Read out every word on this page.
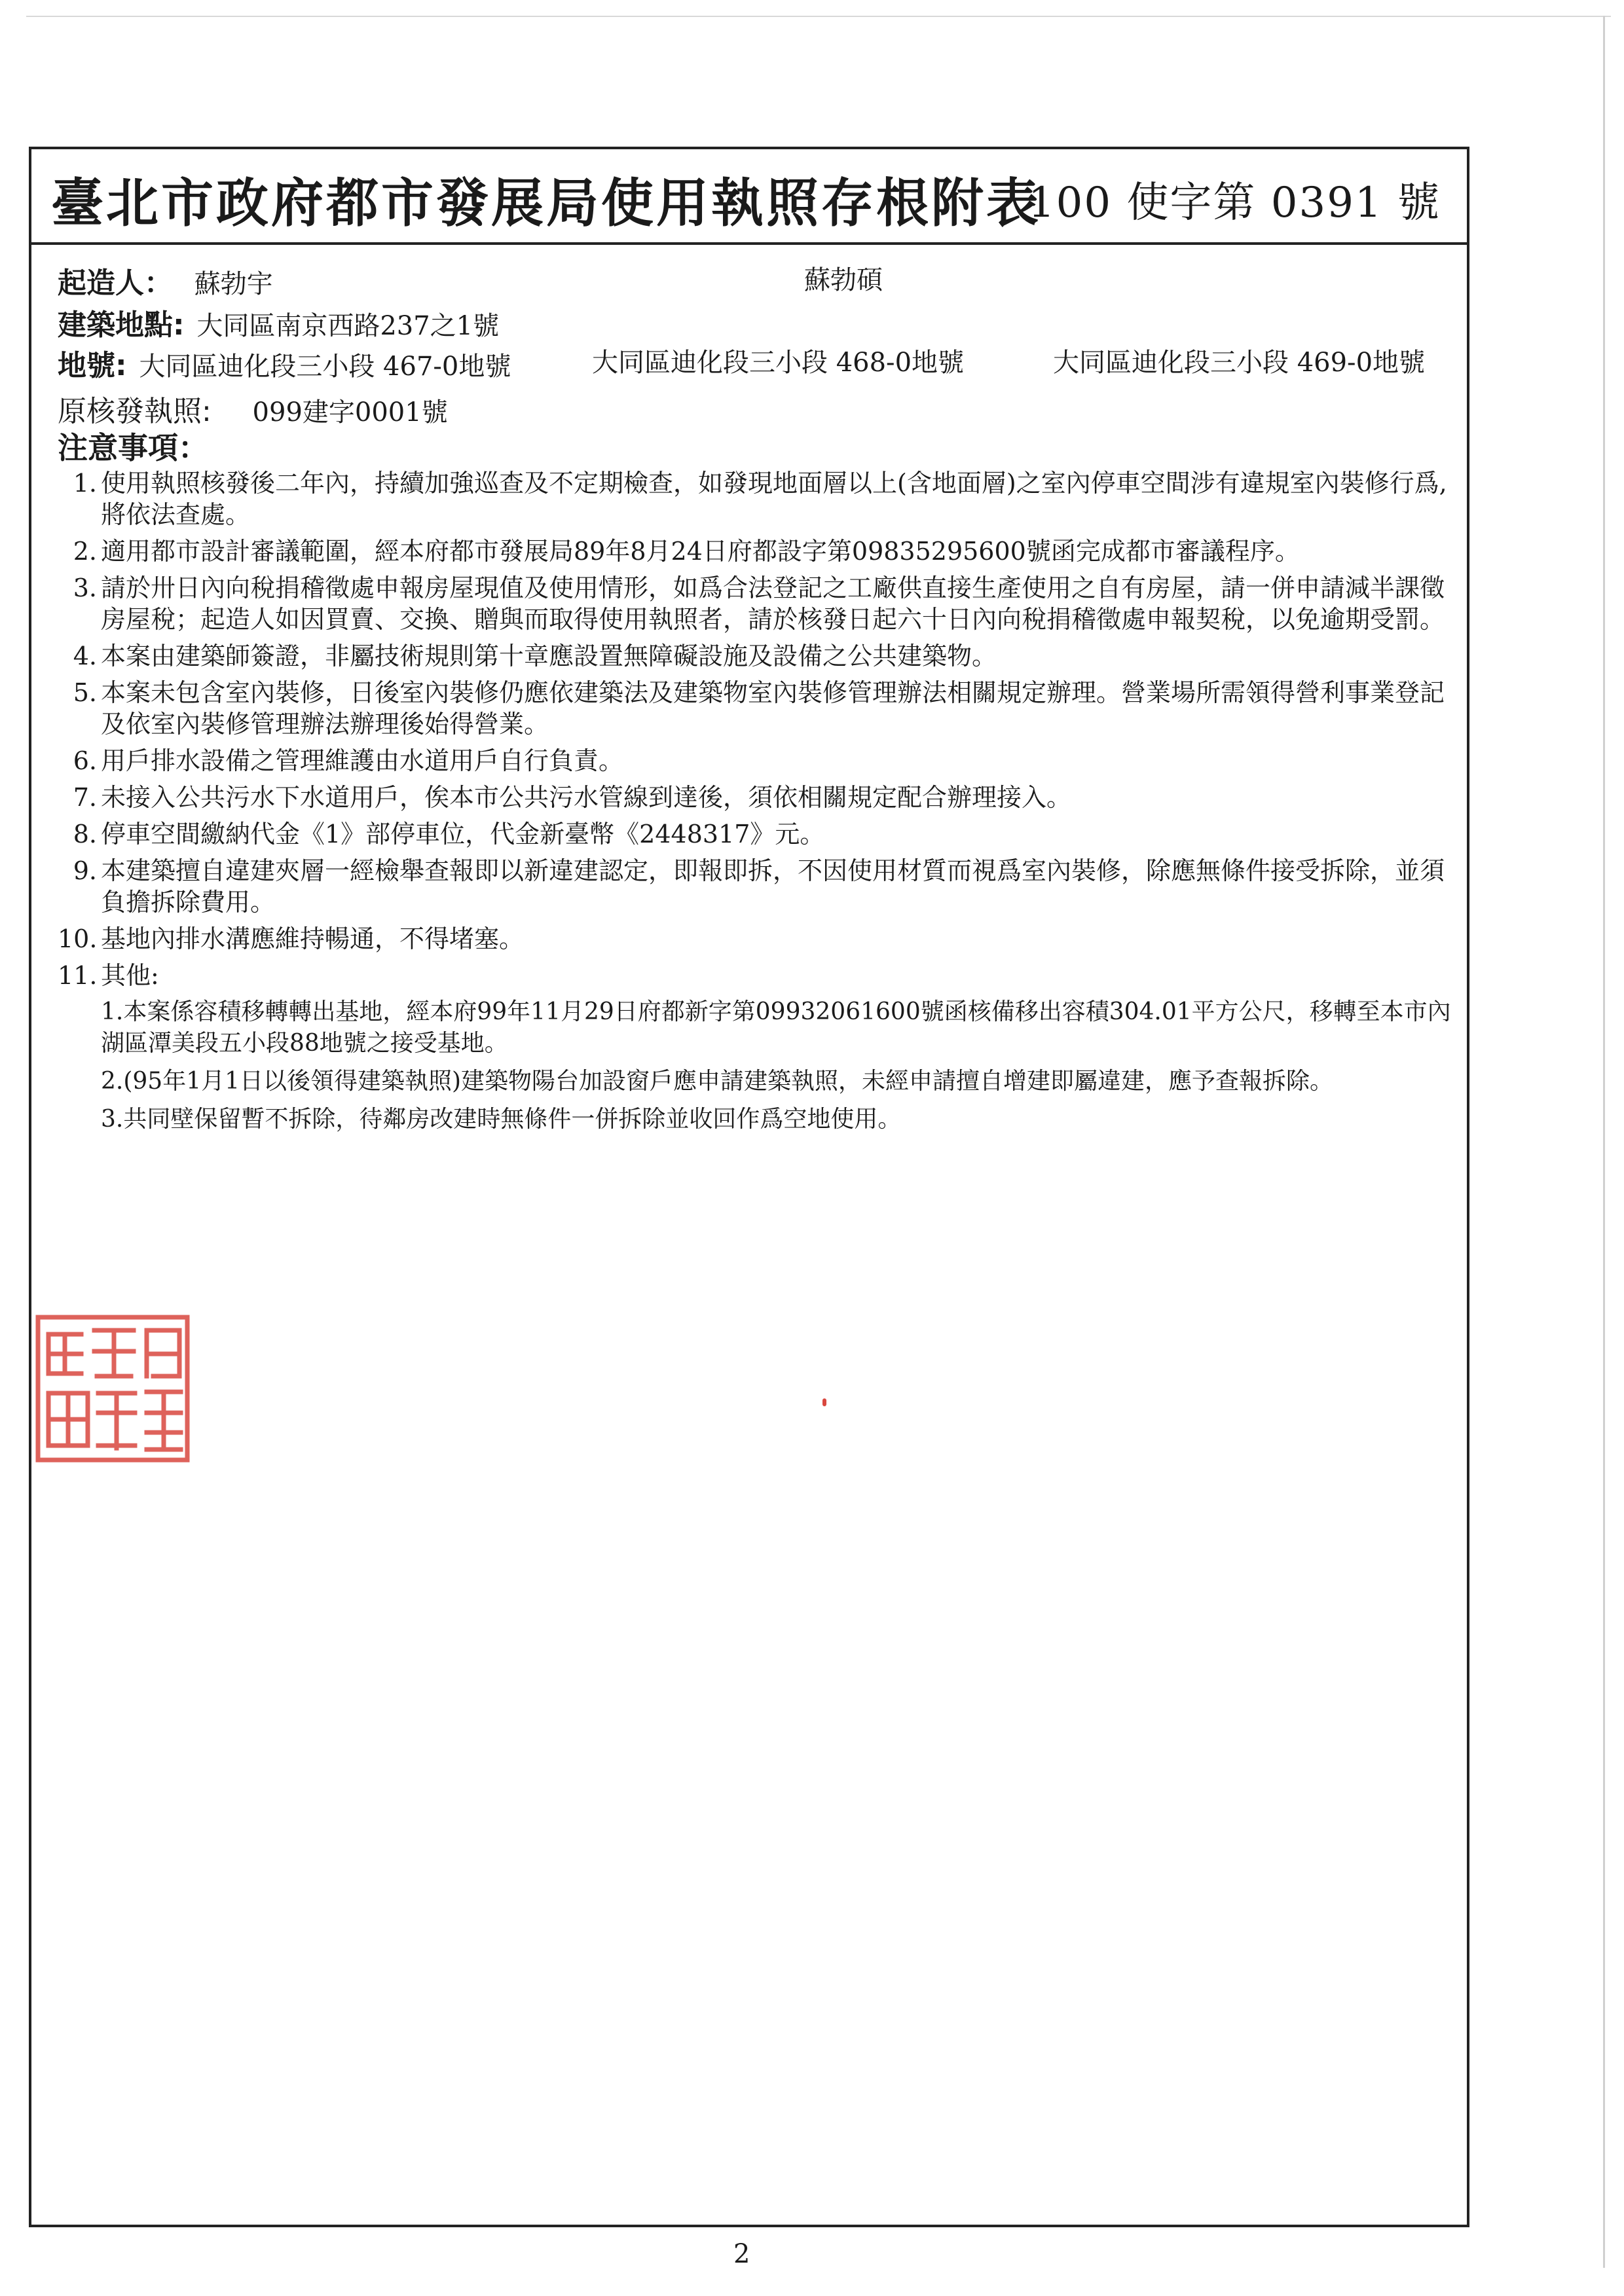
臺北市政府都市發展局使用執照存根附表
100 使字第 0391 號
起造人： 蘇勃宇	蘇勃碩
建築地點: 大同區南京西路237之1號
地號: 大同區迪化段三小段 467-0地號	大同區迪化段三小段 468-0地號	大同區迪化段三小段 469-0地號
原核發執照: 099建字0001號
注意事項：
1. 使用執照核發後二年內，持續加強巡查及不定期檢查，如發現地面層以上(含地面層)之室內停車空間涉有違規室內裝修行爲,將依法查處。
2. 適用都市設計審議範圍，經本府都市發展局89年8月24日府都設字第09835295600號函完成都市審議程序。
3. 請於卅日內向稅捐稽徵處申報房屋現值及使用情形，如爲合法登記之工廠供直接生產使用之自有房屋，請一併申請減半課徵房屋稅；起造人如因買賣、交換、贈與而取得使用執照者，請於核發日起六十日內向稅捐稽徵處申報契稅，以免逾期受罰。
4. 本案由建築師簽證，非屬技術規則第十章應設置無障礙設施及設備之公共建築物。
5. 本案未包含室內裝修，日後室內裝修仍應依建築法及建築物室內裝修管理辦法相關規定辦理。營業場所需領得營利事業登記及依室內裝修管理辦法辦理後始得營業。
6. 用戶排水設備之管理維護由水道用戶自行負責。
7. 未接入公共污水下水道用戶，俟本市公共污水管線到達後，須依相關規定配合辦理接入。
8. 停車空間繳納代金《1》部停車位，代金新臺幣《2448317》元。
9. 本建築擅自違建夾層一經檢舉查報即以新違建認定，即報即拆，不因使用材質而視爲室內裝修，除應無條件接受拆除，並須負擔拆除費用。
10. 基地內排水溝應維持暢通，不得堵塞。
11. 其他:
1.本案係容積移轉轉出基地，經本府99年11月29日府都新字第09932061600號函核備移出容積304.01平方公尺，移轉至本市內湖區潭美段五小段88地號之接受基地。
2.(95年1月1日以後領得建築執照)建築物陽台加設窗戶應申請建築執照，未經申請擅自增建即屬違建，應予查報拆除。
3.共同壁保留暫不拆除，待鄰房改建時無條件一併拆除並收回作爲空地使用。
2
